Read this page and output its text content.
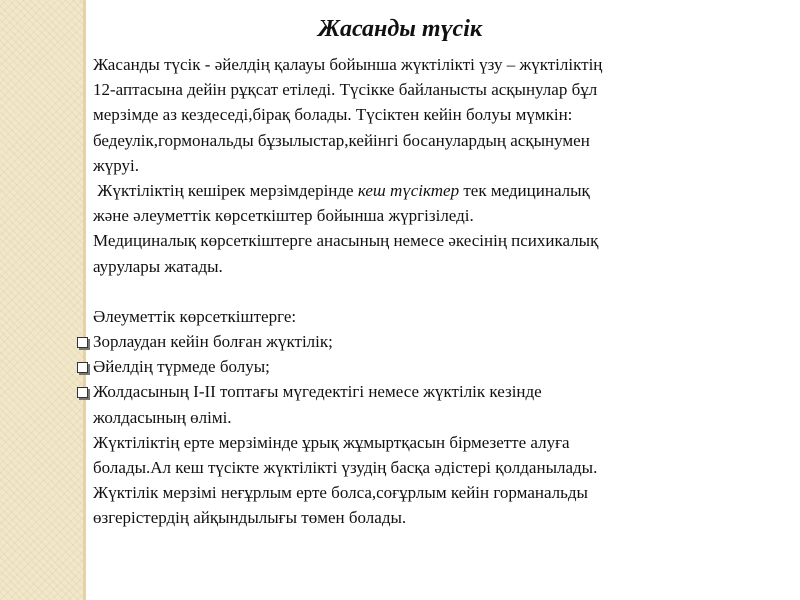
Жасанды түсік
Жасанды түсік - әйелдің қалауы бойынша жүктілікті үзу – жүктіліктің
12-аптасына дейін рұқсат етіледі. Түсікке байланысты асқынулар бұл
мерзімде аз кездеседі,бірақ болады. Түсіктен кейін болуы мүмкін:
бедеулік,гормональды бұзылыстар,кейінгі босанулардың асқынумен
жүруі.
Жүктіліктің кешірек мерзімдерінде кеш түсіктер тек медициналық
және әлеуметтік көрсеткіштер бойынша жүргізіледі.
Медициналық көрсеткіштерге анасының немесе әкесінің психикалық
аурулары жатады.
Әлеуметтік көрсеткіштерге:
Зорлаудан кейін болған жүктілік;
Әйелдің түрмеде болуы;
Жолдасының І-ІІ топтағы мүгедектігі немесе жүктілік кезінде
жолдасының өлімі.
Жүктіліктің ерте мерзімінде ұрық жұмыртқасын бірмезетте алуға
болады.Ал кеш түсікте жүктілікті үзудің басқа әдістері қолданылады.
Жүктілік мерзімі неғұрлым ерте болса,соғұрлым кейін горманальды
өзгерістердің айқындылығы төмен болады.
